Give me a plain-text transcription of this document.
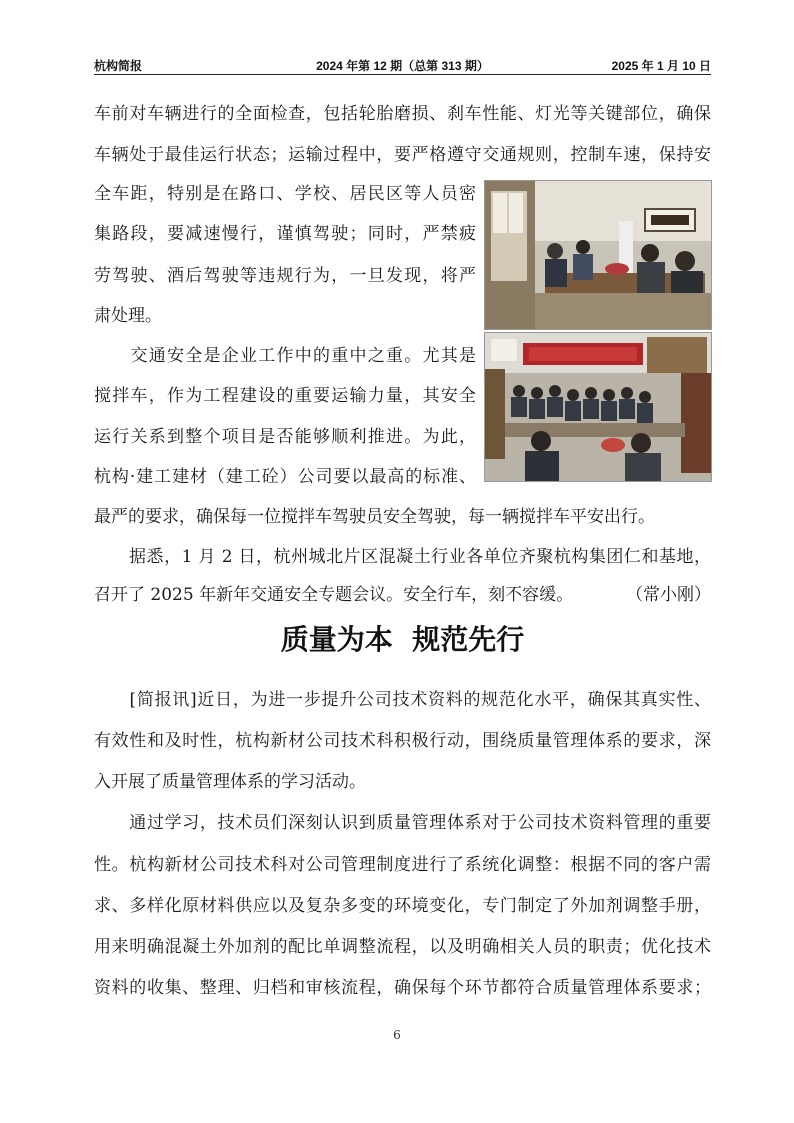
杭构简报	2024 年第 12 期（总第 313 期）	2025 年 1 月 10 日
车前对车辆进行的全面检查，包括轮胎磨损、刹车性能、灯光等关键部位，确保
车辆处于最佳运行状态；运输过程中，要严格遵守交通规则，控制车速，保持安
全车距，特别是在路口、学校、居民区等人员密
集路段，要减速慢行，谨慎驾驶；同时，严禁疲
劳驾驶、酒后驾驶等违规行为，一旦发现，将严
肃处理。
　　交通安全是企业工作中的重中之重。尤其是
搅拌车，作为工程建设的重要运输力量，其安全
运行关系到整个项目是否能够顺利推进。为此，
杭构·建工建材（建工砼）公司要以最高的标准、
最严的要求，确保每一位搅拌车驾驶员安全驾驶，每一辆搅拌车平安出行。
　　据悉，1 月 2 日，杭州城北片区混凝土行业各单位齐聚杭构集团仁和基地，
召开了 2025 年新年交通安全专题会议。安全行车，刻不容缓。	（常小刚）
质量为本  规范先行
　　[简报讯]近日，为进一步提升公司技术资料的规范化水平，确保其真实性、
有效性和及时性，杭构新材公司技术科积极行动，围绕质量管理体系的要求，深
入开展了质量管理体系的学习活动。
　　通过学习，技术员们深刻认识到质量管理体系对于公司技术资料管理的重要
性。杭构新材公司技术科对公司管理制度进行了系统化调整：根据不同的客户需
求、多样化原材料供应以及复杂多变的环境变化，专门制定了外加剂调整手册，
用来明确混凝土外加剂的配比单调整流程，以及明确相关人员的职责；优化技术
资料的收集、整理、归档和审核流程，确保每个环节都符合质量管理体系要求；
6
